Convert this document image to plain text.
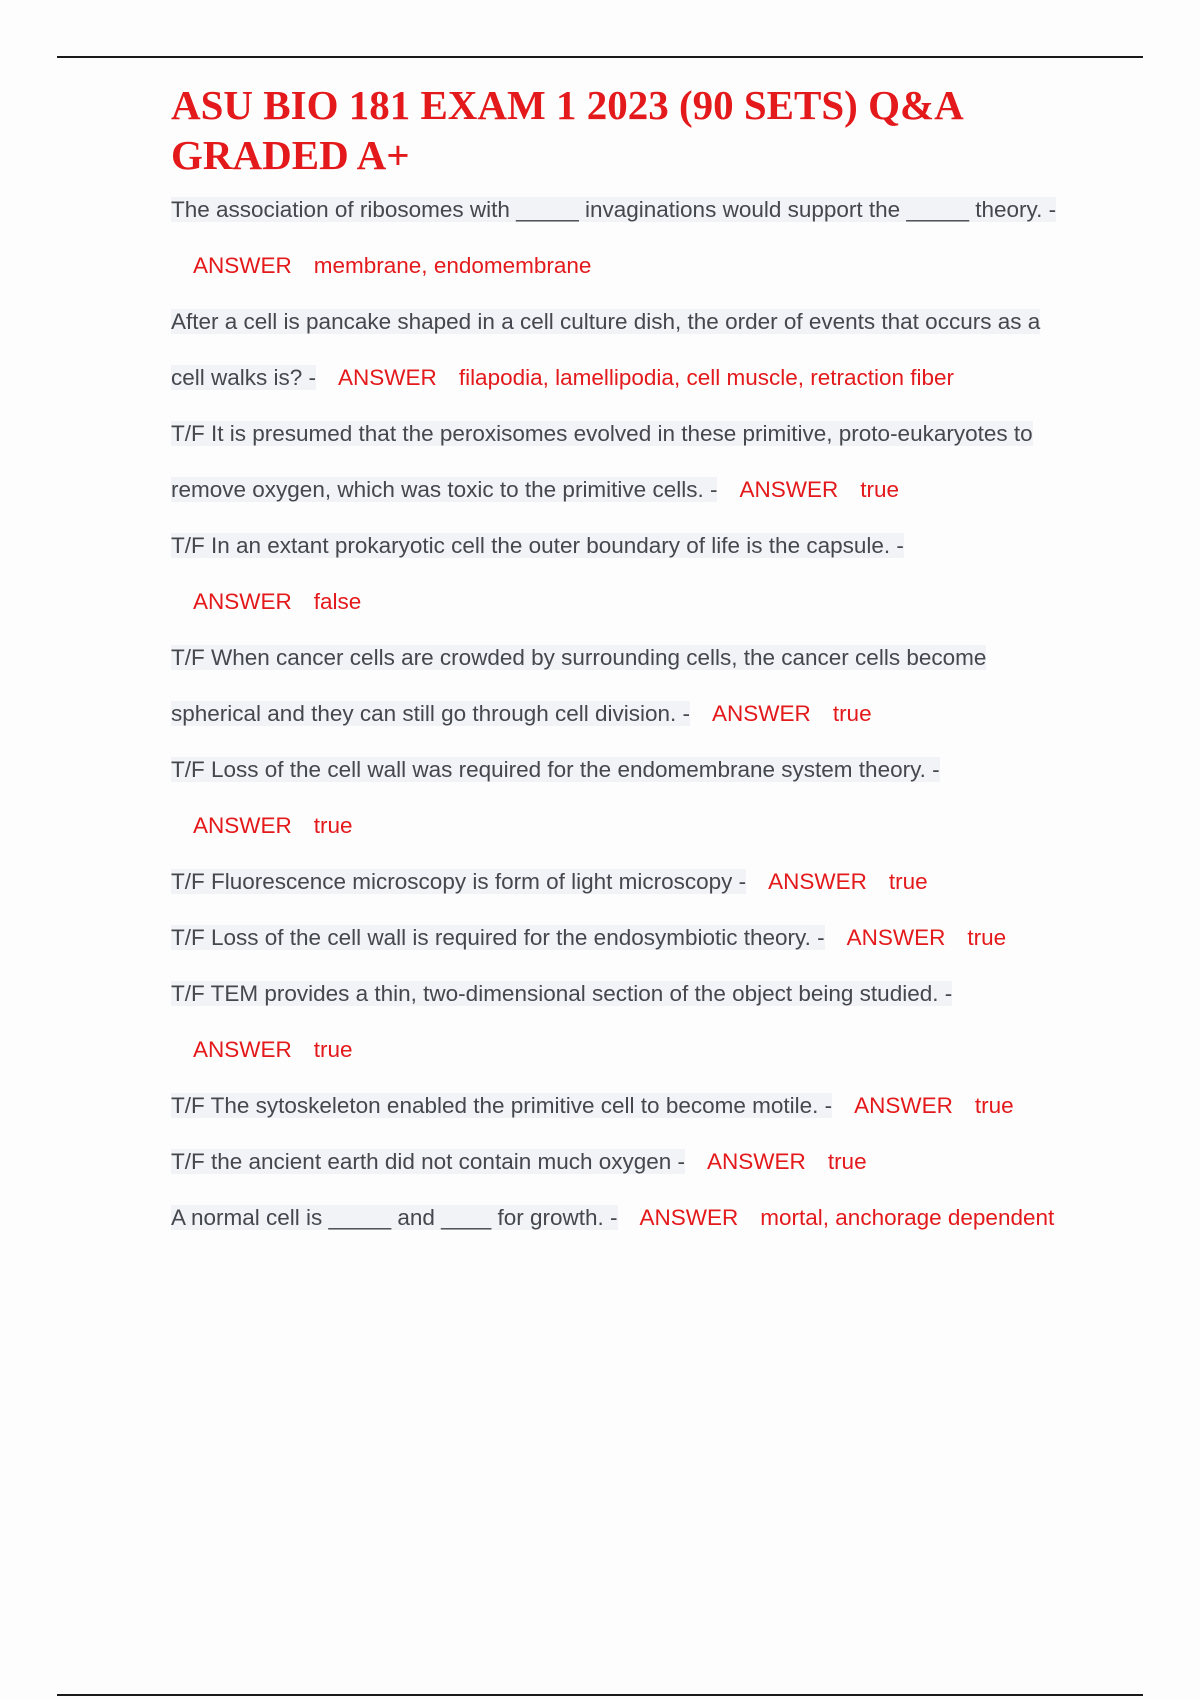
ASU BIO 181 EXAM 1 2023 (90 SETS) Q&A GRADED A+

The association of ribosomes with _____ invaginations would support the _____ theory. -ANSWER membrane, endomembrane

After a cell is pancake shaped in a cell culture dish, the order of events that occurs as a cell walks is? - ANSWER filapodia, lamellipodia, cell muscle, retraction fiber

T/F It is presumed that the peroxisomes evolved in these primitive, proto-eukaryotes to remove oxygen, which was toxic to the primitive cells. - ANSWER true

T/F In an extant prokaryotic cell the outer boundary of life is the capsule. -ANSWER false

T/F When cancer cells are crowded by surrounding cells, the cancer cells become spherical and they can still go through cell division. - ANSWER true

T/F Loss of the cell wall was required for the endomembrane system theory. -ANSWER true

T/F Fluorescence microscopy is form of light microscopy - ANSWER true

T/F Loss of the cell wall is required for the endosymbiotic theory. - ANSWER true

T/F TEM provides a thin, two-dimensional section of the object being studied. -ANSWER true

T/F The sytoskeleton enabled the primitive cell to become motile. - ANSWER true

T/F the ancient earth did not contain much oxygen - ANSWER true

A normal cell is _____ and ____ for growth. - ANSWER mortal, anchorage dependent
